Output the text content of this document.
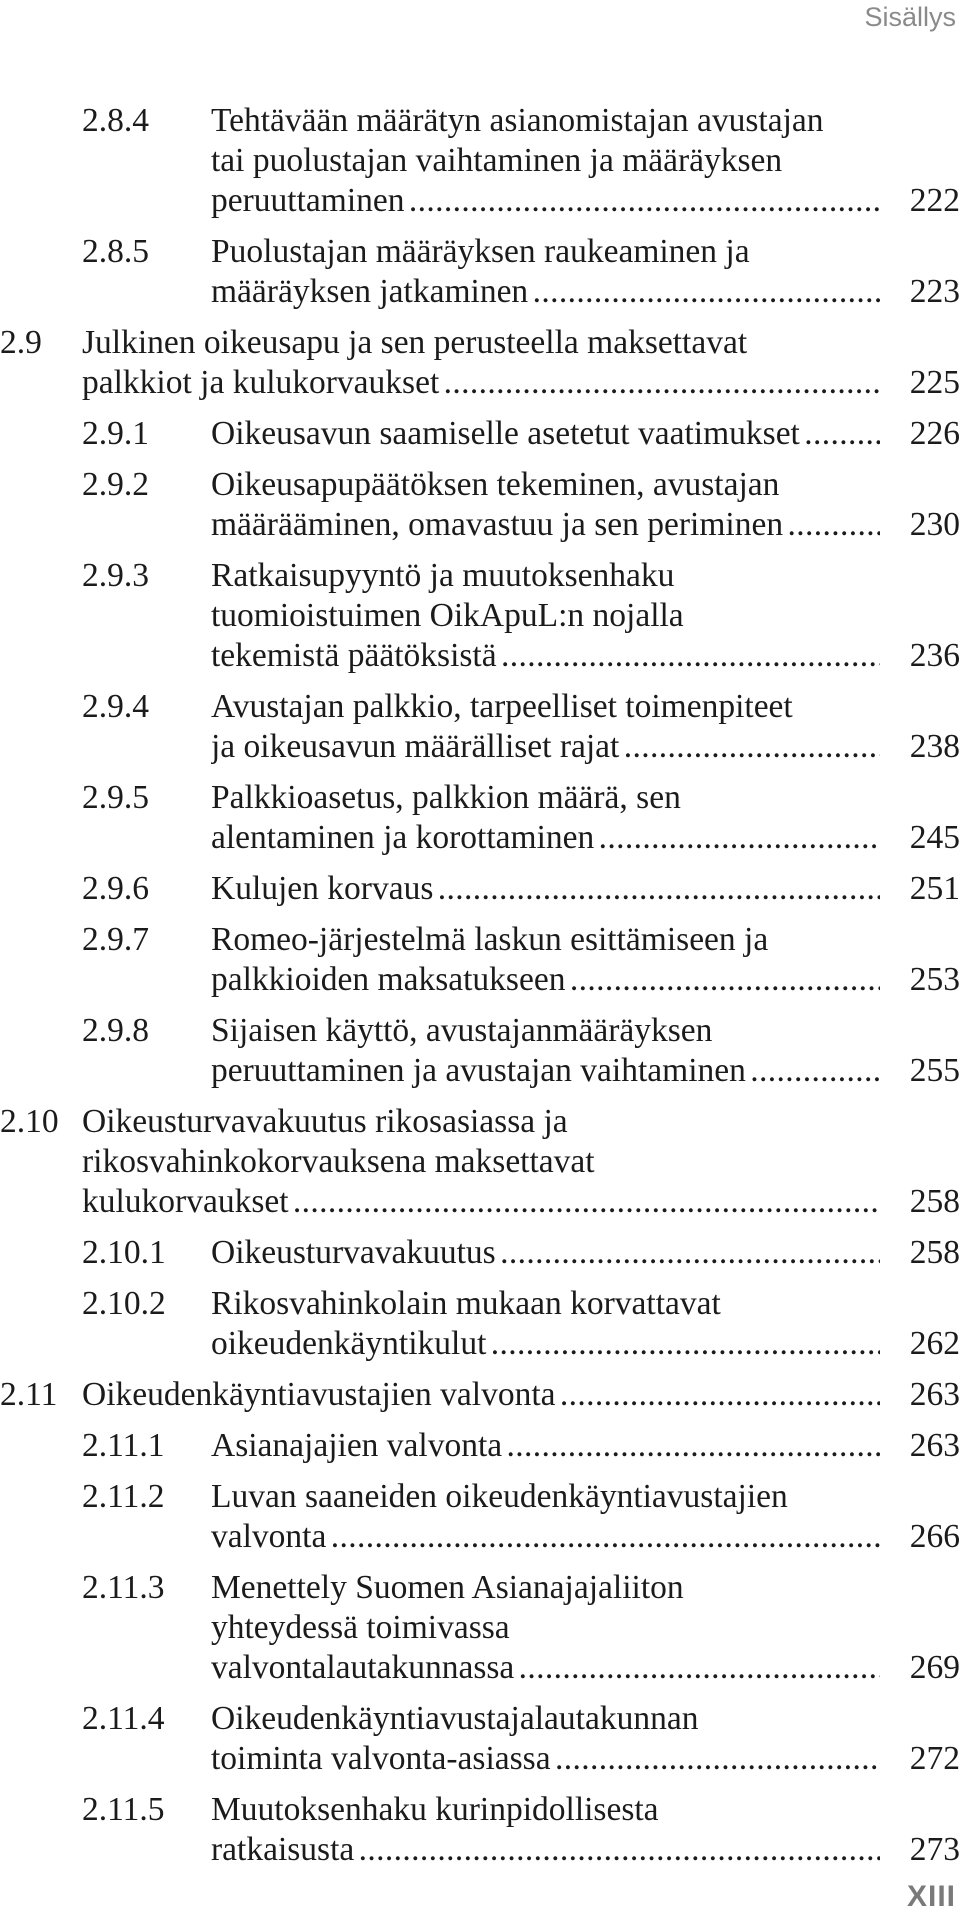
Sisällys
2.8.4 Tehtävään määrätyn asianomistajan avustajan
tai puolustajan vaihtaminen ja määräyksen
peruuttaminen . . .	222
2.8.5 Puolustajan määräyksen raukeaminen ja
määräyksen jatkaminen . . .	223
2.9 Julkinen oikeusapu ja sen perusteella maksettavat
palkkiot ja kulukorvaukset . . .	225
2.9.1 Oikeusavun saamiselle asetetut vaatimukset . . .	226
2.9.2 Oikeusapupäätöksen tekeminen, avustajan
määrääminen, omavastuu ja sen periminen . . .	230
2.9.3 Ratkaisupyyntö ja muutoksenhaku
tuomioistuimen OikApuL:n nojalla
tekemistä päätöksistä . . .	236
2.9.4 Avustajan palkkio, tarpeelliset toimenpiteet
ja oikeusavun määrälliset rajat . . .	238
2.9.5 Palkkioasetus, palkkion määrä, sen
alentaminen ja korottaminen . . .	245
2.9.6 Kulujen korvaus . . .	251
2.9.7 Romeo-järjestelmä laskun esittämiseen ja
palkkioiden maksatukseen . . .	253
2.9.8 Sijaisen käyttö, avustajanmääräyksen
peruuttaminen ja avustajan vaihtaminen . . .	255
2.10 Oikeusturvavakuutus rikosasiassa ja
rikosvahinkokorvauksena maksettavat
kulukorvaukset . . .	258
2.10.1 Oikeusturvavakuutus . . .	258
2.10.2 Rikosvahinkolain mukaan korvattavat
oikeudenkäyntikulut . . .	262
2.11 Oikeudenkäyntiavustajien valvonta . . .	263
2.11.1 Asianajajien valvonta . . .	263
2.11.2 Luvan saaneiden oikeudenkäyntiavustajien
valvonta . . .	266
2.11.3 Menettely Suomen Asianajajaliiton
yhteydessä toimivassa
valvontalautakunnassa . . .	269
2.11.4 Oikeudenkäyntiavustajalautakunnan
toiminta valvonta-asiassa . . .	272
2.11.5 Muutoksenhaku kurinpidollisesta
ratkaisusta . . .	273
XIII
